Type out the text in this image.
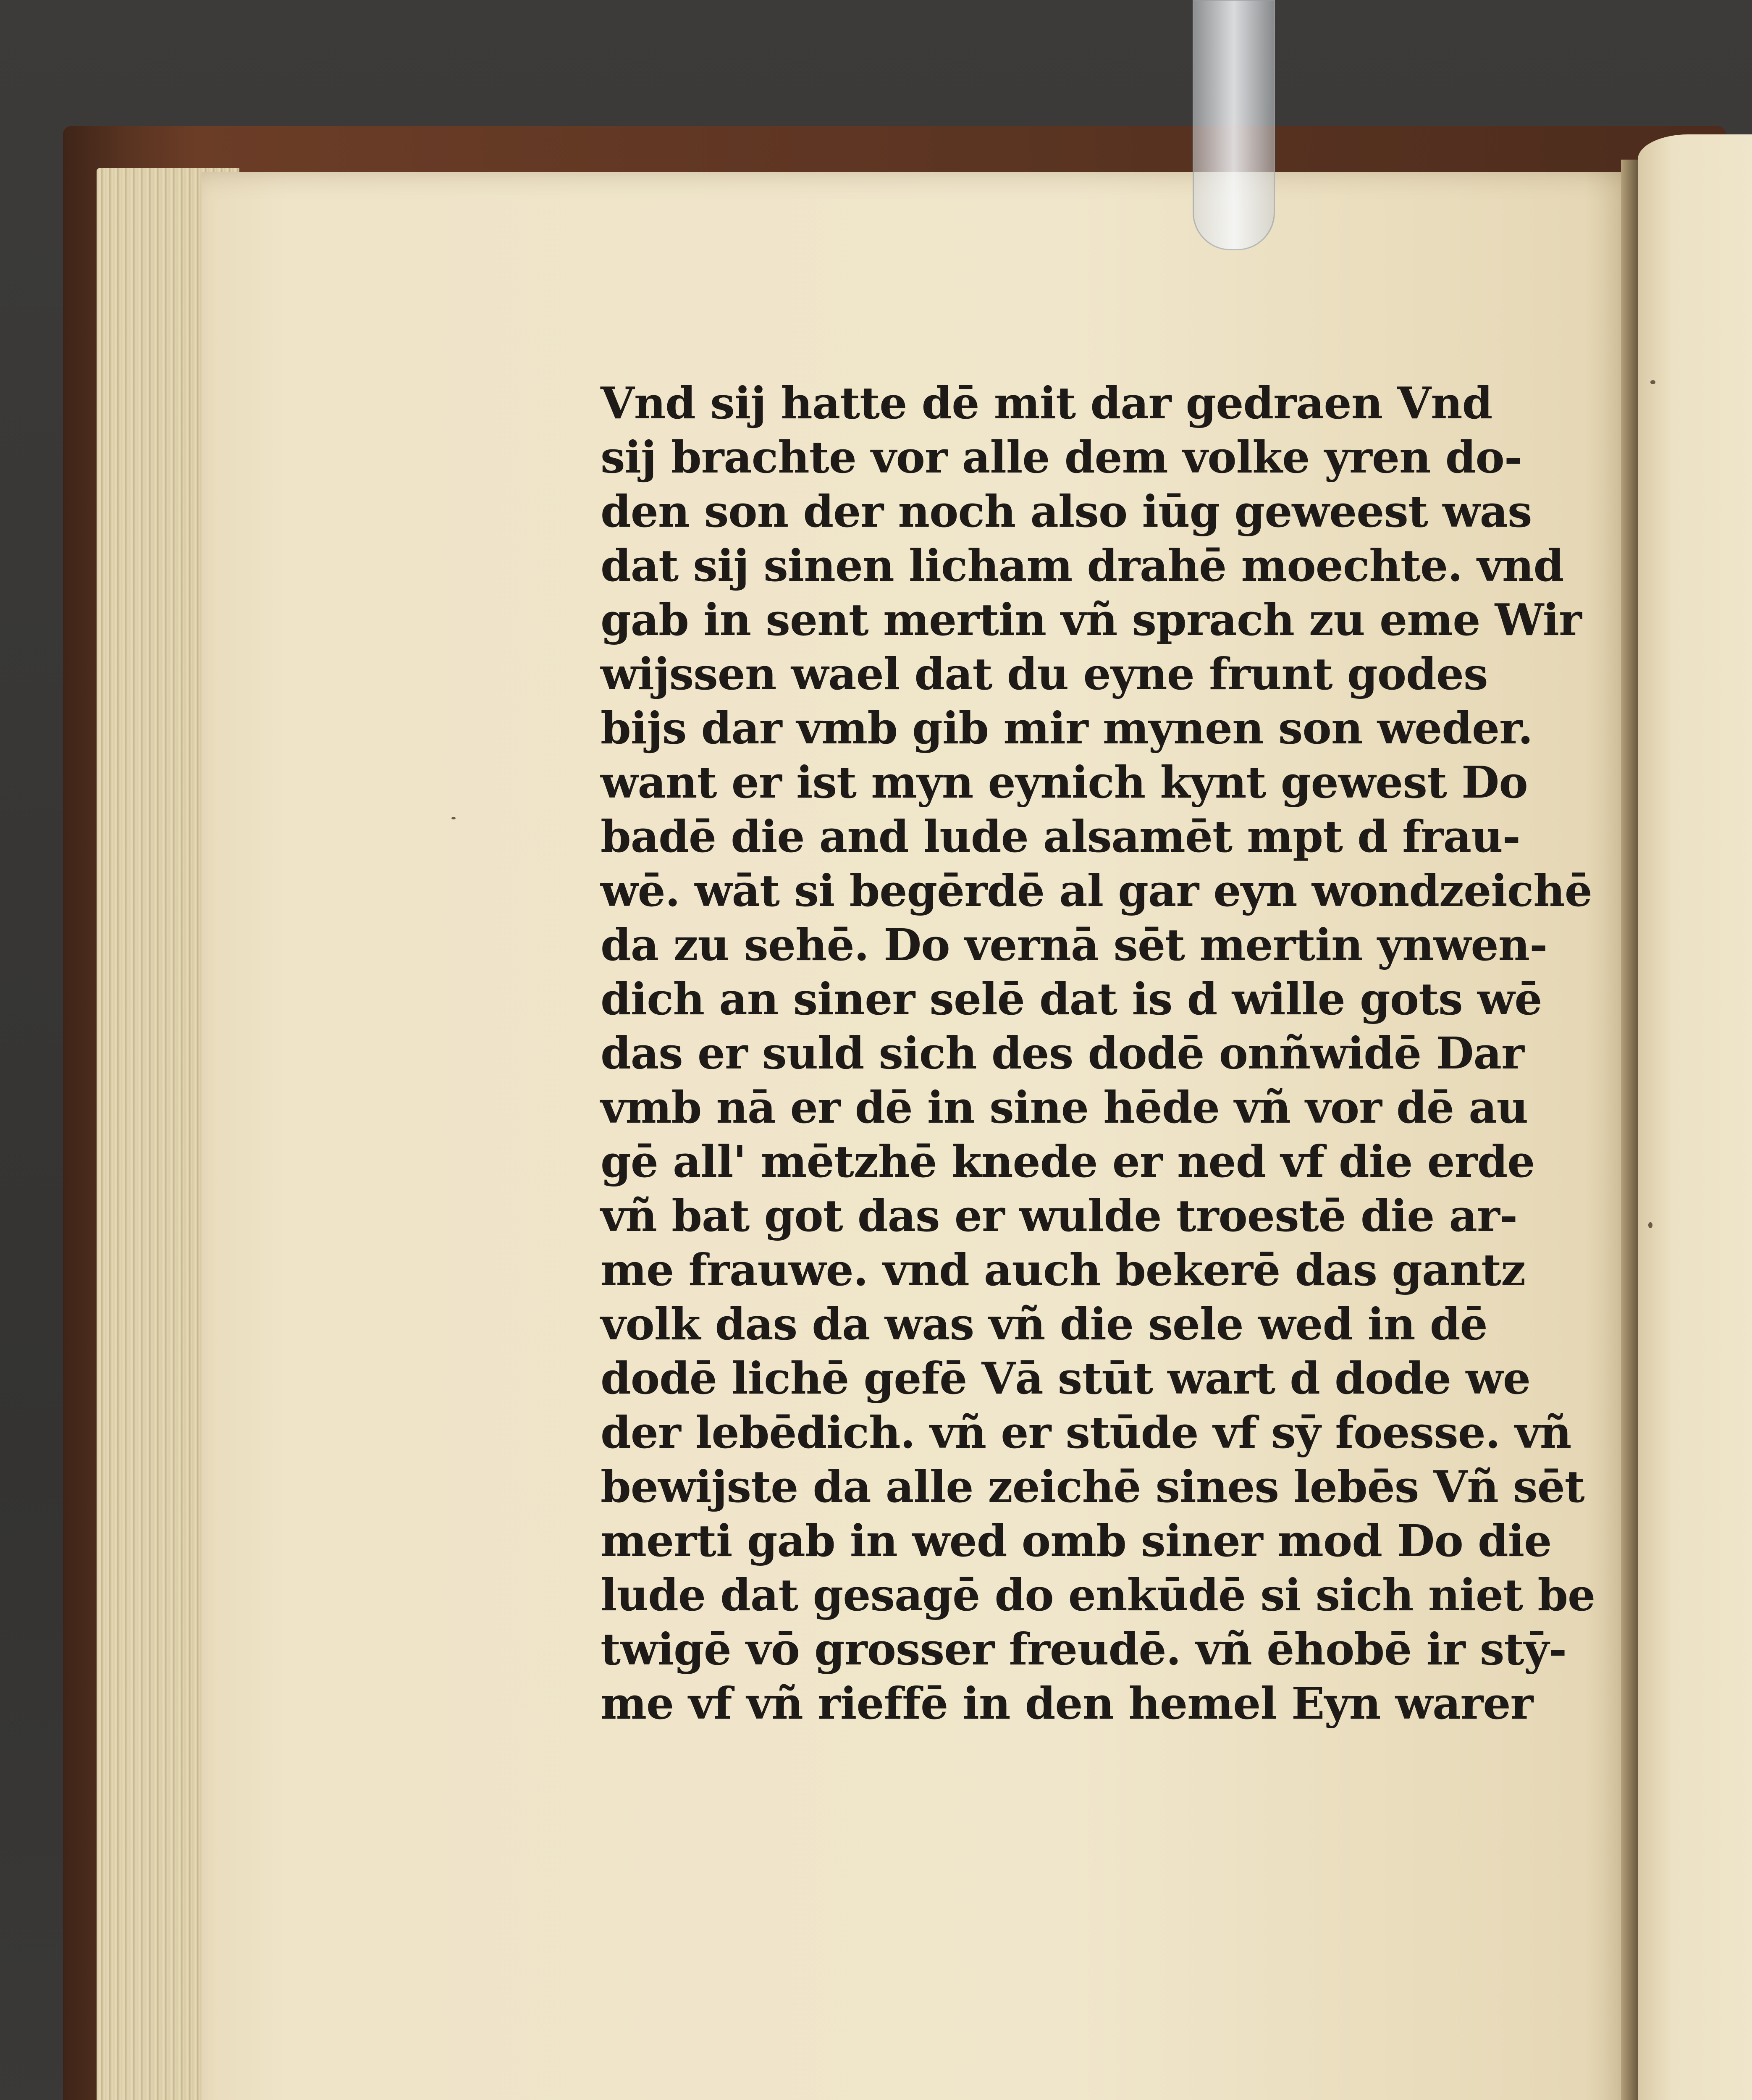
Vnd sij hatte dē mit dar gedraen Vnd
sij brachte vor alle dem volke yren do-
den son der noch also iūg geweest was
dat sij sinen licham drahē moechte. vnd
gab in sent mertin vñ sprach zu eme Wir
wijssen wael dat du eyne frunt godes
bijs dar vmb gib mir mynen son weder.
want er ist myn eynich kynt gewest Do
badē die and lude alsamēt mpt d frau-
wē. wāt si begērdē al gar eyn wondzeichē
da zu sehē. Do vernā sēt mertin ynwen-
dich an siner selē dat is d wille gots wē
das er suld sich des dodē onñwidē Dar
vmb nā er dē in sine hēde vñ vor dē au
gē all' mētzhē knede er ned vf die erde
vñ bat got das er wulde troestē die ar-
me frauwe. vnd auch bekerē das gantz
volk das da was vñ die sele wed in dē
dodē lichē gefē Vā stūt wart d dode we
der lebēdich. vñ er stūde vf sȳ foesse. vñ
bewijste da alle zeichē sines lebēs Vñ sēt
merti gab in wed omb siner mod Do die
lude dat gesagē do enkūdē si sich niet be
twigē vō grosser freudē. vñ ēhobē ir stȳ-
me vf vñ rieffē in den hemel Eyn warer
